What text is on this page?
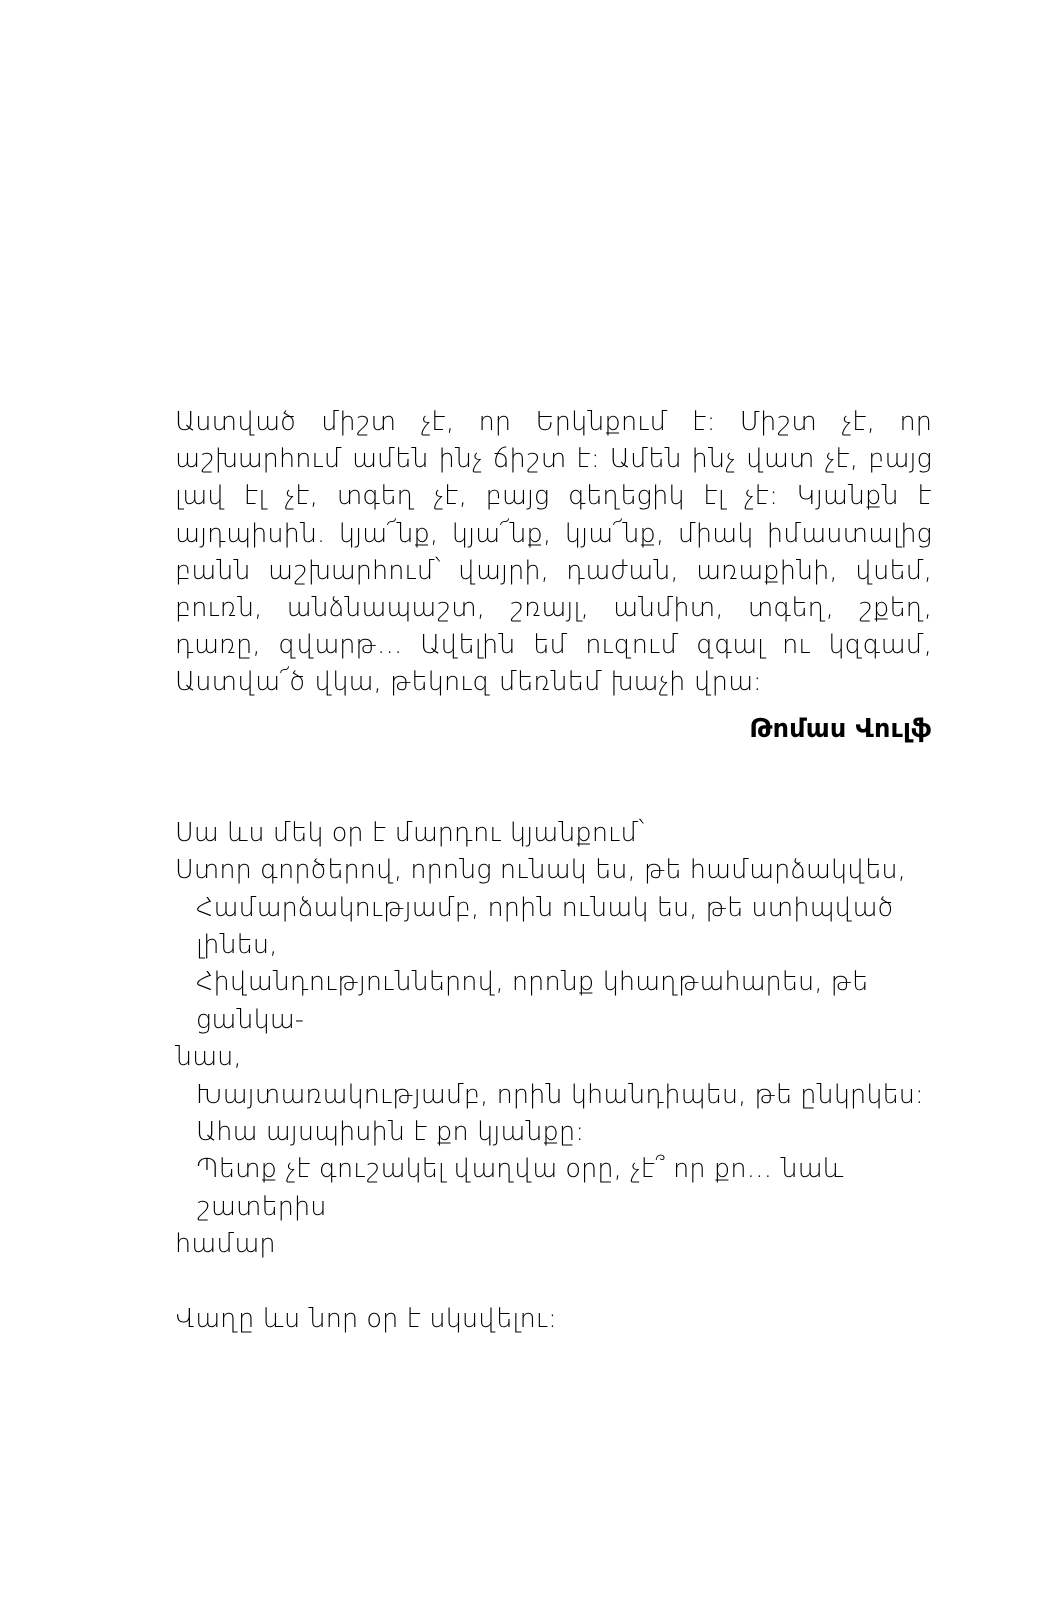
Աստված միշտ չէ, որ Երկնքում է: Միշտ չէ, որ աշխարհում ամեն ինչ ճիշտ է: Ամեն ինչ վատ չէ, բայց լավ էլ չէ, տգեղ չէ, բայց գեղեցիկ էլ չէ: Կյանքն է այդպիսին. կյա՜նք, կյա՜նք, կյա՜նք, միակ իմաստալից բանն աշխարհում՝ վայրի, դաժան, առաքինի, վսեմ, բուռն, անձնապաշտ, շռայլ, անմիտ, տգեղ, շքեղ, դառը, զվարթ… Ավելին եմ ուզում զգալ ու կզգամ, Աստվա՜ծ վկա, թեկուզ մեռնեմ խաչի վրա:

Թոմաս Վուլֆ

Սա ևս մեկ օր է մարդու կյանքում՝

Ստոր գործերով, որոնց ունակ ես, թե համարձակվես,

Համարձակությամբ, որին ունակ ես, թե ստիպված լինես,

Հիվանդություններով, որոնք կհաղթահարես, թե ցանկա-

նաս,

Խայտառակությամբ, որին կհանդիպես, թե ընկրկես:

Ահա այսպիսին է քո կյանքը:

Պետք չէ գուշակել վաղվա օրը, չէ՞ որ քո… նաև շատերիս

համար

Վաղը ևս նոր օր է սկսվելու:
